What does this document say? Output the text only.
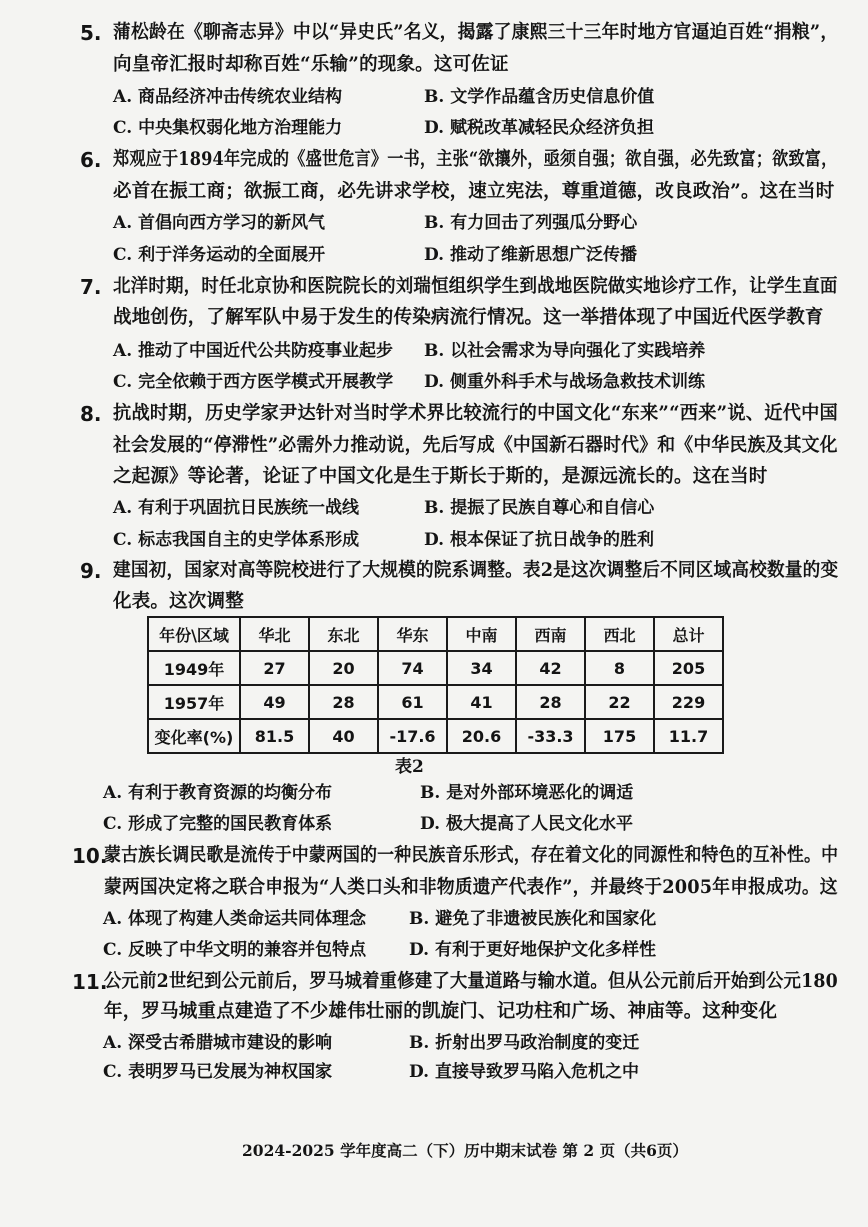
5. 蒲松龄在《聊斋志异》中以“异史氏”名义，揭露了康熙三十三年时地方官逼迫百姓“捐粮”，
向皇帝汇报时却称百姓“乐输”的现象。这可佐证
A. 商品经济冲击传统农业结构	B. 文学作品蕴含历史信息价值
C. 中央集权弱化地方治理能力	D. 赋税改革减轻民众经济负担
6. 郑观应于1894年完成的《盛世危言》一书，主张“欲攘外，亟须自强；欲自强，必先致富；欲致富，
必首在振工商；欲振工商，必先讲求学校，速立宪法，尊重道德，改良政治”。这在当时
A. 首倡向西方学习的新风气	B. 有力回击了列强瓜分野心
C. 利于洋务运动的全面展开	D. 推动了维新思想广泛传播
7. 北洋时期，时任北京协和医院院长的刘瑞恒组织学生到战地医院做实地诊疗工作，让学生直面
战地创伤，了解军队中易于发生的传染病流行情况。这一举措体现了中国近代医学教育
A. 推动了中国近代公共防疫事业起步 B. 以社会需求为导向强化了实践培养
C. 完全依赖于西方医学模式开展教学 D. 侧重外科手术与战场急救技术训练
8. 抗战时期，历史学家尹达针对当时学术界比较流行的中国文化“东来”“西来”说、近代中国
社会发展的“停滞性”必需外力推动说，先后写成《中国新石器时代》和《中华民族及其文化
之起源》等论著，论证了中国文化是生于斯长于斯的，是源远流长的。这在当时
A. 有利于巩固抗日民族统一战线	B. 提振了民族自尊心和自信心
C. 标志我国自主的史学体系形成	D. 根本保证了抗日战争的胜利
9. 建国初，国家对高等院校进行了大规模的院系调整。表2是这次调整后不同区域高校数量的变
化表。这次调整
年份\区域	华北	东北	华东	中南	西南	西北	总计
1949年	27	20	74	34	42	8	205
1957年	49	28	61	41	28	22	229
变化率(%)	81.5	40	-17.6	20.6	-33.3	175	11.7
表2
A. 有利于教育资源的均衡分布	B. 是对外部环境恶化的调适
C. 形成了完整的国民教育体系	D. 极大提高了人民文化水平
10.
蒙古族长调民歌是流传于中蒙两国的一种民族音乐形式，存在着文化的同源性和特色的互补性。中
蒙两国决定将之联合申报为“人类口头和非物质遗产代表作”，并最终于2005年申报成功。这
A. 体现了构建人类命运共同体理念	B. 避免了非遗被民族化和国家化
C. 反映了中华文明的兼容并包特点	D. 有利于更好地保护文化多样性
11.
公元前2世纪到公元前后，罗马城着重修建了大量道路与输水道。但从公元前后开始到公元180
年，罗马城重点建造了不少雄伟壮丽的凯旋门、记功柱和广场、神庙等。这种变化
A. 深受古希腊城市建设的影响	B. 折射出罗马政治制度的变迁
C. 表明罗马已发展为神权国家	D. 直接导致罗马陷入危机之中
2024-2025 学年度高二（下）历中期末试卷 第 2 页（共6页）
